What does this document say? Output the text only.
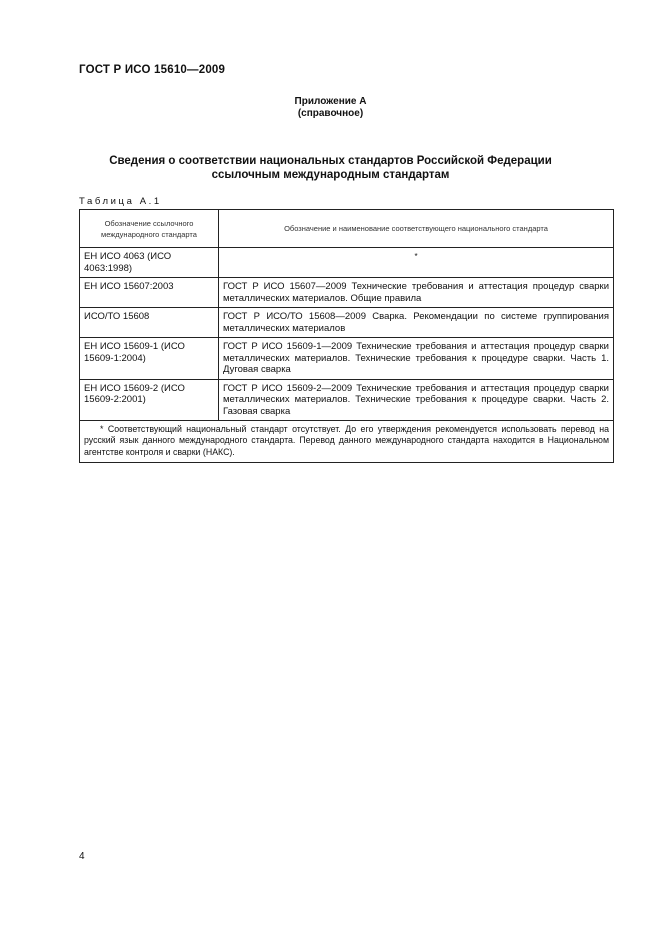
ГОСТ Р ИСО 15610—2009
Приложение А
(справочное)
Сведения о соответствии национальных стандартов Российской Федерации
ссылочным международным стандартам
Таблица А.1
Обозначение ссылочного международного стандарта	Обозначение и наименование соответствующего национального стандарта
ЕН ИСО 4063 (ИСО 4063:1998)	*
ЕН ИСО 15607:2003	ГОСТ Р ИСО 15607—2009 Технические требования и аттестация процедур сварки металлических материалов. Общие правила
ИСО/ТО 15608	ГОСТ Р ИСО/ТО 15608—2009 Сварка. Рекомендации по системе группирования металлических материалов
ЕН ИСО 15609-1 (ИСО 15609-1:2004)	ГОСТ Р ИСО 15609-1—2009 Технические требования и аттестация процедур сварки металлических материалов. Технические требования к процедуре сварки. Часть 1. Дуговая сварка
ЕН ИСО 15609-2 (ИСО 15609-2:2001)	ГОСТ Р ИСО 15609-2—2009 Технические требования и аттестация процедур сварки металлических материалов. Технические требования к процедуре сварки. Часть 2. Газовая сварка
* Соответствующий национальный стандарт отсутствует. До его утверждения рекомендуется использовать перевод на русский язык данного международного стандарта. Перевод данного международного стандарта находится в Национальном агентстве контроля и сварки (НАКС).	
4
